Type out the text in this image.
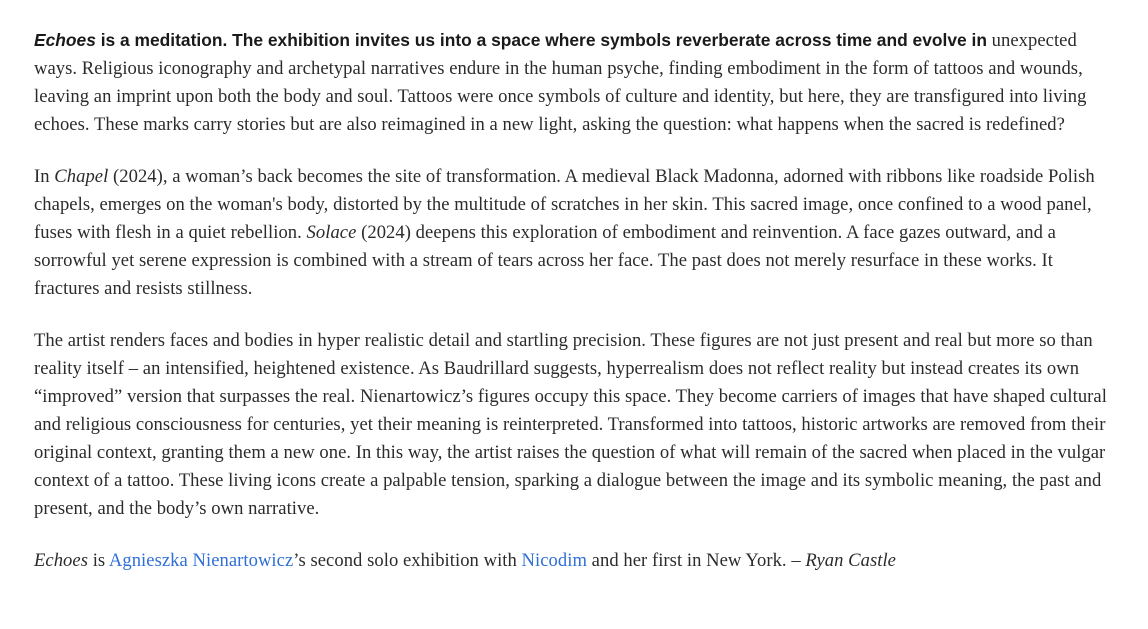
Echoes is a meditation. The exhibition invites us into a space where symbols reverberate across time and evolve in unexpected ways. Religious iconography and archetypal narratives endure in the human psyche, finding embodiment in the form of tattoos and wounds, leaving an imprint upon both the body and soul. Tattoos were once symbols of culture and identity, but here, they are transfigured into living echoes. These marks carry stories but are also reimagined in a new light, asking the question: what happens when the sacred is redefined?

In Chapel (2024), a woman’s back becomes the site of transformation. A medieval Black Madonna, adorned with ribbons like roadside Polish chapels, emerges on the woman's body, distorted by the multitude of scratches in her skin. This sacred image, once confined to a wood panel, fuses with flesh in a quiet rebellion. Solace (2024) deepens this exploration of embodiment and reinvention. A face gazes outward, and a sorrowful yet serene expression is combined with a stream of tears across her face. The past does not merely resurface in these works. It fractures and resists stillness.

The artist renders faces and bodies in hyper realistic detail and startling precision. These figures are not just present and real but more so than reality itself – an intensified, heightened existence. As Baudrillard suggests, hyperrealism does not reflect reality but instead creates its own “improved” version that surpasses the real. Nienartowicz’s figures occupy this space. They become carriers of images that have shaped cultural and religious consciousness for centuries, yet their meaning is reinterpreted. Transformed into tattoos, historic artworks are removed from their original context, granting them a new one. In this way, the artist raises the question of what will remain of the sacred when placed in the vulgar context of a tattoo. These living icons create a palpable tension, sparking a dialogue between the image and its symbolic meaning, the past and present, and the body’s own narrative.

Echoes is Agnieszka Nienartowicz’s second solo exhibition with Nicodim and her first in New York. – Ryan Castle
